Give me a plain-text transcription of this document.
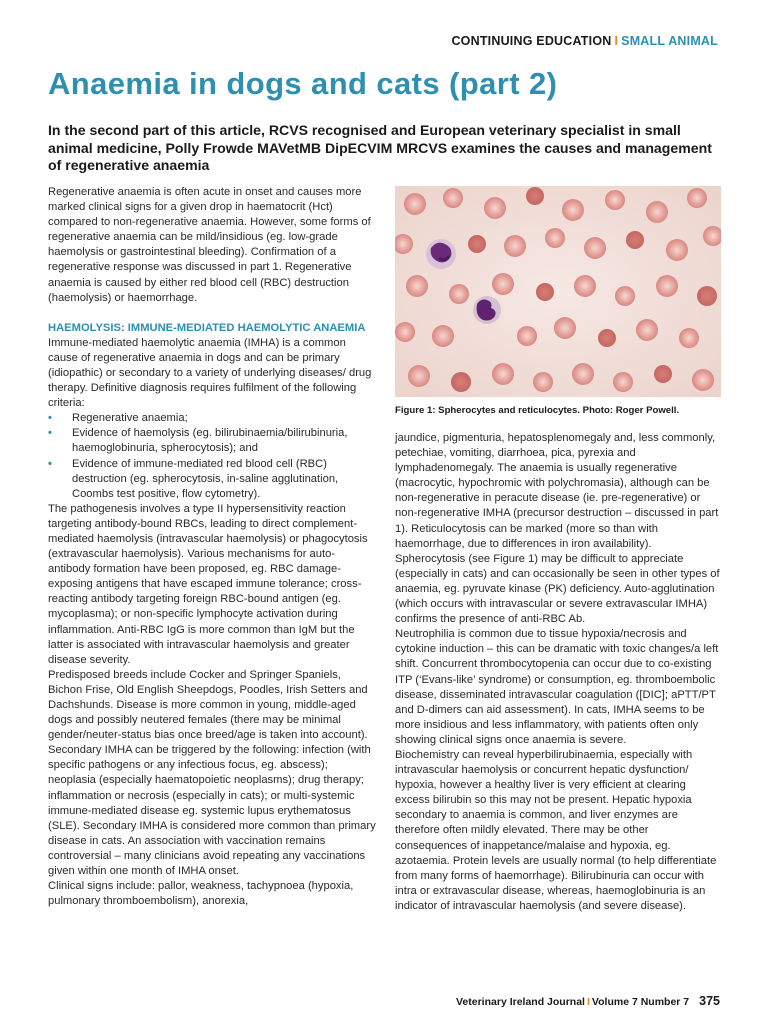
CONTINUING EDUCATION I SMALL ANIMAL
Anaemia in dogs and cats (part 2)

In the second part of this article, RCVS recognised and European veterinary specialist in small animal medicine, Polly Frowde MAVetMB DipECVIM MRCVS examines the causes and management of regenerative anaemia

Regenerative anaemia is often acute in onset and causes more marked clinical signs for a given drop in haematocrit (Hct) compared to non-regenerative anaemia. However, some forms of regenerative anaemia can be mild/insidious (eg. low-grade haemolysis or gastrointestinal bleeding). Confirmation of a regenerative response was discussed in part 1. Regenerative anaemia is caused by either red blood cell (RBC) destruction (haemolysis) or haemorrhage.

HAEMOLYSIS: IMMUNE-MEDIATED HAEMOLYTIC ANAEMIA

Immune-mediated haemolytic anaemia (IMHA) is a common cause of regenerative anaemia in dogs and can be primary (idiopathic) or secondary to a variety of underlying diseases/ drug therapy. Definitive diagnosis requires fulfilment of the following criteria:

• Regenerative anaemia;
• Evidence of haemolysis (eg. bilirubinaemia/bilirubinuria, haemoglobinuria, spherocytosis); and
• Evidence of immune-mediated red blood cell (RBC) destruction (eg. spherocytosis, in-saline agglutination, Coombs test positive, flow cytometry).

The pathogenesis involves a type II hypersensitivity reaction targeting antibody-bound RBCs, leading to direct complement-mediated haemolysis (intravascular haemolysis) or phagocytosis (extravascular haemolysis). Various mechanisms for auto-antibody formation have been proposed, eg. RBC damage-exposing antigens that have escaped immune tolerance; cross-reacting antibody targeting foreign RBC-bound antigen (eg. mycoplasma); or non-specific lymphocyte activation during inflammation. Anti-RBC IgG is more common than IgM but the latter is associated with intravascular haemolysis and greater disease severity.

Predisposed breeds include Cocker and Springer Spaniels, Bichon Frise, Old English Sheepdogs, Poodles, Irish Setters and Dachshunds. Disease is more common in young, middle-aged dogs and possibly neutered females (there may be minimal gender/neuter-status bias once breed/age is taken into account). Secondary IMHA can be triggered by the following: infection (with specific pathogens or any infectious focus, eg. abscess); neoplasia (especially haematopoietic neoplasms); drug therapy; inflammation or necrosis (especially in cats); or multi-systemic immune-mediated disease eg. systemic lupus erythematosus (SLE). Secondary IMHA is considered more common than primary disease in cats. An association with vaccination remains controversial – many clinicians avoid repeating any vaccinations given within one month of IMHA onset.

Clinical signs include: pallor, weakness, tachypnoea (hypoxia, pulmonary thromboembolism), anorexia,

Figure 1: Spherocytes and reticulocytes. Photo: Roger Powell.

jaundice, pigmenturia, hepatosplenomegaly and, less commonly, petechiae, vomiting, diarrhoea, pica, pyrexia and lymphadenomegaly. The anaemia is usually regenerative (macrocytic, hypochromic with polychromasia), although can be non-regenerative in peracute disease (ie. pre-regenerative) or non-regenerative IMHA (precursor destruction – discussed in part 1). Reticulocytosis can be marked (more so than with haemorrhage, due to differences in iron availability). Spherocytosis (see Figure 1) may be difficult to appreciate (especially in cats) and can occasionally be seen in other types of anaemia, eg. pyruvate kinase (PK) deficiency. Auto-agglutination (which occurs with intravascular or severe extravascular IMHA) confirms the presence of anti-RBC Ab.

Neutrophilia is common due to tissue hypoxia/necrosis and cytokine induction – this can be dramatic with toxic changes/a left shift. Concurrent thrombocytopenia can occur due to co-existing ITP (‘Evans-like’ syndrome) or consumption, eg. thromboembolic disease, disseminated intravascular coagulation ([DIC]; aPTT/PT and D-dimers can aid assessment). In cats, IMHA seems to be more insidious and less inflammatory, with patients often only showing clinical signs once anaemia is severe.

Biochemistry can reveal hyperbilirubinaemia, especially with intravascular haemolysis or concurrent hepatic dysfunction/ hypoxia, however a healthy liver is very efficient at clearing excess bilirubin so this may not be present. Hepatic hypoxia secondary to anaemia is common, and liver enzymes are therefore often mildly elevated. There may be other consequences of inappetance/malaise and hypoxia, eg. azotaemia. Protein levels are usually normal (to help differentiate from many forms of haemorrhage). Bilirubinuria can occur with intra or extravascular disease, whereas, haemoglobinuria is an indicator of intravascular haemolysis (and severe disease).

Veterinary Ireland Journal I Volume 7 Number 7 375
